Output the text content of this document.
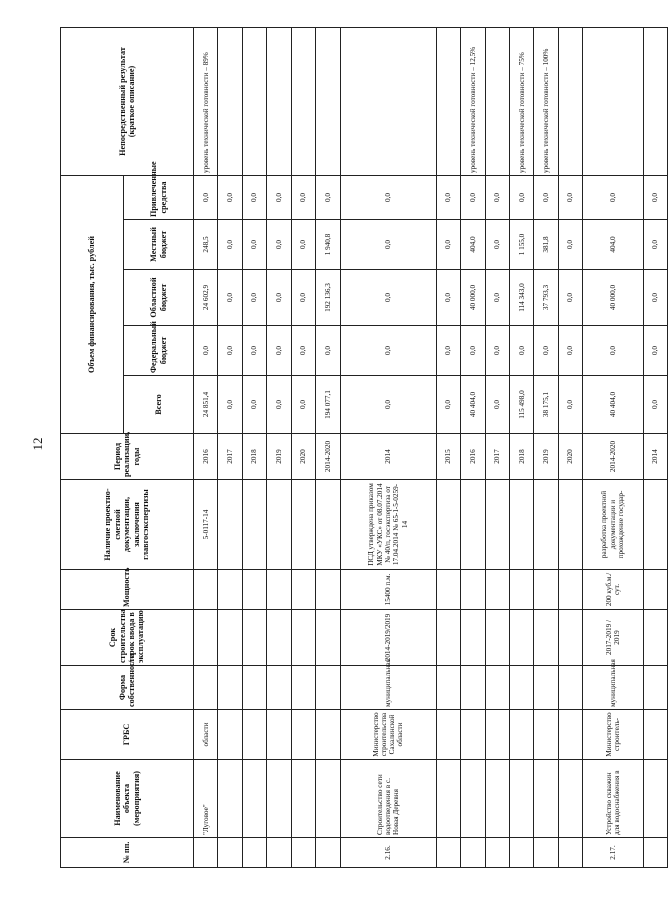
12
№ пп.	Наименование объекта (мероприятия)	ГРБС	Форма собственности	Срок строительства / срок ввода в эксплуатацию	Мощность	Наличие проектно-сметной документации, заключения главгосэкспертизы	Период реализации, годы	Объем финансирования, тыс. рублей					Непосредственный результат (краткое описание)
								Всего	Федеральный бюджет	Областной бюджет	Местный бюджет	Привлеченные средства	
	"Луговое"	области				5-0117-14	2016	24 851,4	0,0	24 602,9	248,5	0,0	уровень технической готовности – 89%
							2017	0,0	0,0	0,0	0,0	0,0	
							2018	0,0	0,0	0,0	0,0	0,0	
							2019	0,0	0,0	0,0	0,0	0,0	
							2020	0,0	0,0	0,0	0,0	0,0	
							2014-2020	194 077,1	0,0	192 136,3	1 940,8	0,0	
2.16.	Строительство сети водоотведения в с. Новая Деревня	Министерство строительства Сахалинской области	муниципальная	2014-2019/2019	15400 п.м.	ПСД утверждена приказом МКУ «УКС» от 08.07.2014 № 40/п, госэкспертиза от 17.04.2014 № 65-1-5-0259-14	2014	0,0	0,0	0,0	0,0	0,0	
							2015	0,0	0,0	0,0	0,0	0,0	
							2016	40 404,0	0,0	40 000,0	404,0	0,0	уровень технической готовности – 12,5%
							2017	0,0	0,0	0,0	0,0	0,0	
							2018	115 498,0	0,0	114 343,0	1 155,0	0,0	уровень технической готовности – 75%
							2019	38 175,1	0,0	37 793,3	381,8	0,0	уровень технической готовности – 100%
							2020	0,0	0,0	0,0	0,0	0,0	
2.17.	Устройство скважин для водоснабжения в	Министерство строитель-	муниципальная	2017-2019 / 2019	200 куб.м./сут.	разработка проектной документации и прохождение государ-	2014-2020	40 404,0	0,0	40 000,0	404,0	0,0	
							2014	0,0	0,0	0,0	0,0	0,0	
